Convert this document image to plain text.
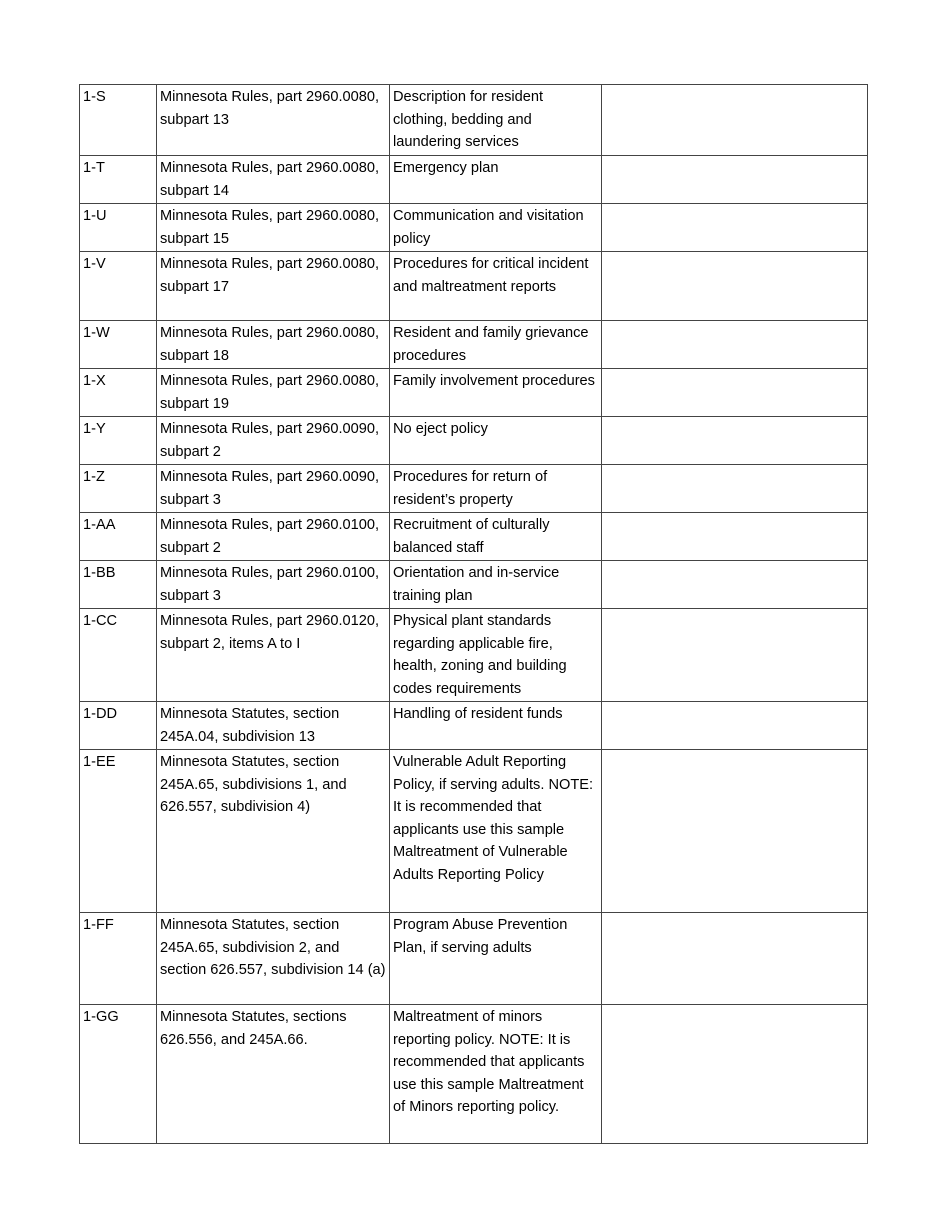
1-S	Minnesota Rules, part 2960.0080, subpart 13	Description for resident clothing, bedding and laundering services	
1-T	Minnesota Rules, part 2960.0080, subpart 14	Emergency plan	
1-U	Minnesota Rules, part 2960.0080, subpart 15	Communication and visitation policy	
1-V	Minnesota Rules, part 2960.0080, subpart 17	Procedures for critical incident and maltreatment reports	
1-W	Minnesota Rules, part 2960.0080, subpart 18	Resident and family grievance procedures	
1-X	Minnesota Rules, part 2960.0080, subpart 19	Family involvement procedures	
1-Y	Minnesota Rules, part 2960.0090, subpart 2	No eject policy	
1-Z	Minnesota Rules, part 2960.0090, subpart 3	Procedures for return of resident’s property	
1-AA	Minnesota Rules, part 2960.0100, subpart 2	Recruitment of culturally balanced staff	
1-BB	Minnesota Rules, part 2960.0100, subpart 3	Orientation and in-service training plan	
1-CC	Minnesota Rules, part 2960.0120, subpart 2, items A to I	Physical plant standards regarding applicable fire, health, zoning and building codes requirements	
1-DD	Minnesota Statutes, section 245A.04, subdivision 13	Handling of resident funds	
1-EE	Minnesota Statutes, section 245A.65, subdivisions 1, and 626.557, subdivision 4)	Vulnerable Adult Reporting Policy, if serving adults. NOTE: It is recommended that applicants use this sample Maltreatment of Vulnerable Adults Reporting Policy	
1-FF	Minnesota Statutes, section 245A.65, subdivision 2, and section 626.557, subdivision 14 (a)	Program Abuse Prevention Plan, if serving adults	
1-GG	Minnesota Statutes, sections 626.556, and 245A.66.	Maltreatment of minors reporting policy. NOTE: It is recommended that applicants use this sample Maltreatment of Minors reporting policy.	
